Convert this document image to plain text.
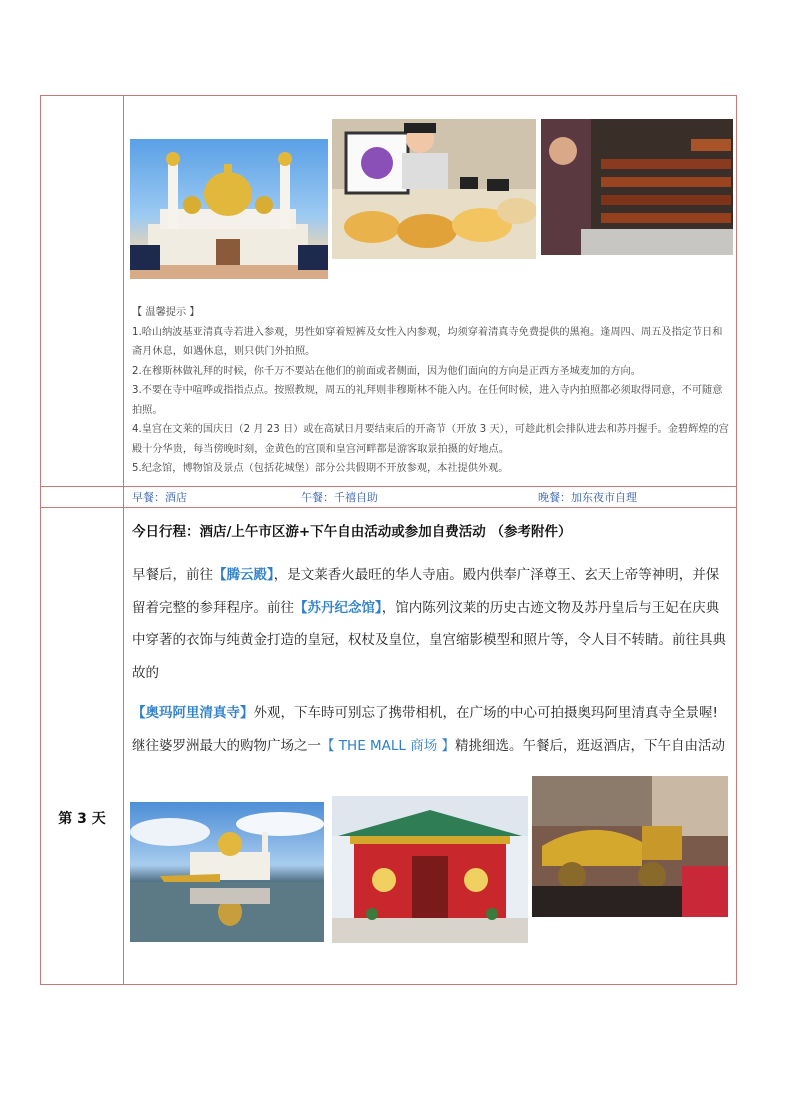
【 温馨提示 】

1.哈山纳波基亚清真寺若进入参观，男性如穿着短裤及女性入内参观，均须穿着清真寺免费提供的黑袍。逢周四、周五及指定节日和斋月休息，如遇休息，则只供门外拍照。

2.在穆斯林做礼拜的时候，你千万不要站在他们的前面或者侧面，因为他们面向的方向是正西方圣城麦加的方向。

3.不要在寺中喧哗或指指点点。按照教规，周五的礼拜则非穆斯林不能入内。在任何时候，进入寺内拍照都必须取得同意，不可随意拍照。

4.皇宫在文莱的国庆日（2 月 23 日）或在高斌日月要结束后的开斋节（开放 3 天），可趁此机会排队进去和苏丹握手。金碧辉煌的宫殿十分华贵，每当傍晚时刻，金黄色的宫顶和皇宫河畔都是游客取景拍摄的好地点。

5.纪念馆，博物馆及景点（包括花城堡）部分公共假期不开放参观，本社提供外观。

早餐：酒店	午餐：千禧自助	晚餐：加东夜市自理
第 3 天
今日行程：酒店/上午市区游+下午自由活动或参加自费活动 （参考附件）

早餐后，前往【腾云殿】，是文莱香火最旺的华人寺庙。殿内供奉广泽尊王、玄天上帝等神明，并保留着完整的参拜程序。前往【苏丹纪念馆】，馆内陈列汶莱的历史古迹文物及苏丹皇后与王妃在庆典中穿著的衣饰与纯黄金打造的皇冠，权杖及皇位，皇宫缩影模型和照片等，令人目不转睛。前往具典故的

【奥玛阿里清真寺】外观，下车時可别忘了携带相机，在广场的中心可拍摄奥玛阿里清真寺全景喔!

继往婆罗洲最大的购物广场之一【 THE MALL 商场 】精挑细选。午餐后，逛返酒店，下午自由活动
